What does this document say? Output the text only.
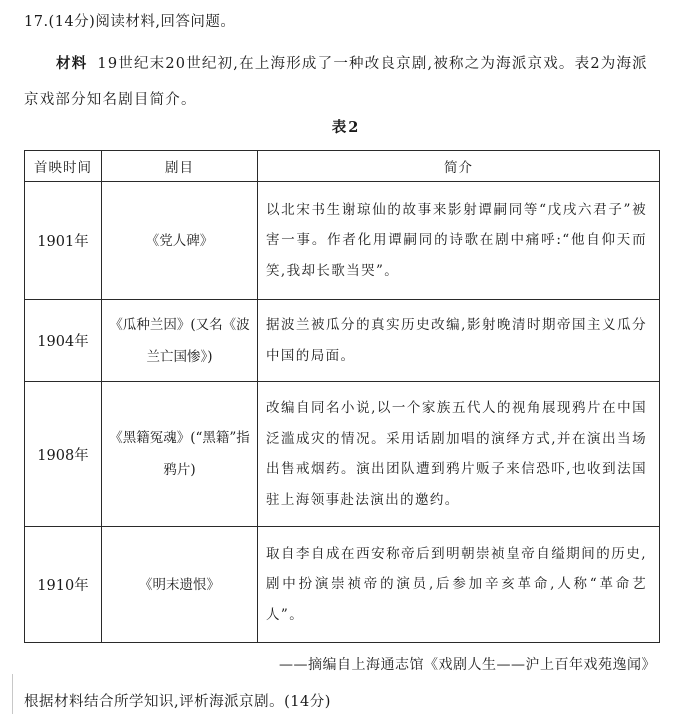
17.(14分)阅读材料,回答问题。

材料 19世纪末20世纪初,在上海形成了一种改良京剧,被称之为海派京戏。表2为海派京戏部分知名剧目简介。

表2
首映时间	剧目	简介
1901年	《党人碑》	以北宋书生谢琼仙的故事来影射谭嗣同等“戊戌六君子”被害一事。作者化用谭嗣同的诗歌在剧中痛呼:“他自仰天而笑,我却长歌当哭”。
1904年	《瓜种兰因》(又名《波兰亡国惨》)	据波兰被瓜分的真实历史改编,影射晚清时期帝国主义瓜分中国的局面。
1908年	《黑籍冤魂》(“黑籍”指鸦片)	改编自同名小说,以一个家族五代人的视角展现鸦片在中国泛滥成灾的情况。采用话剧加唱的演绎方式,并在演出当场出售戒烟药。演出团队遭到鸦片贩子来信恐吓,也收到法国驻上海领事赴法演出的邀约。
1910年	《明末遗恨》	取自李自成在西安称帝后到明朝崇祯皇帝自缢期间的历史,剧中扮演崇祯帝的演员,后参加辛亥革命,人称“革命艺人”。
——摘编自上海通志馆《戏剧人生——沪上百年戏苑逸闻》
根据材料结合所学知识,评析海派京剧。(14分)
